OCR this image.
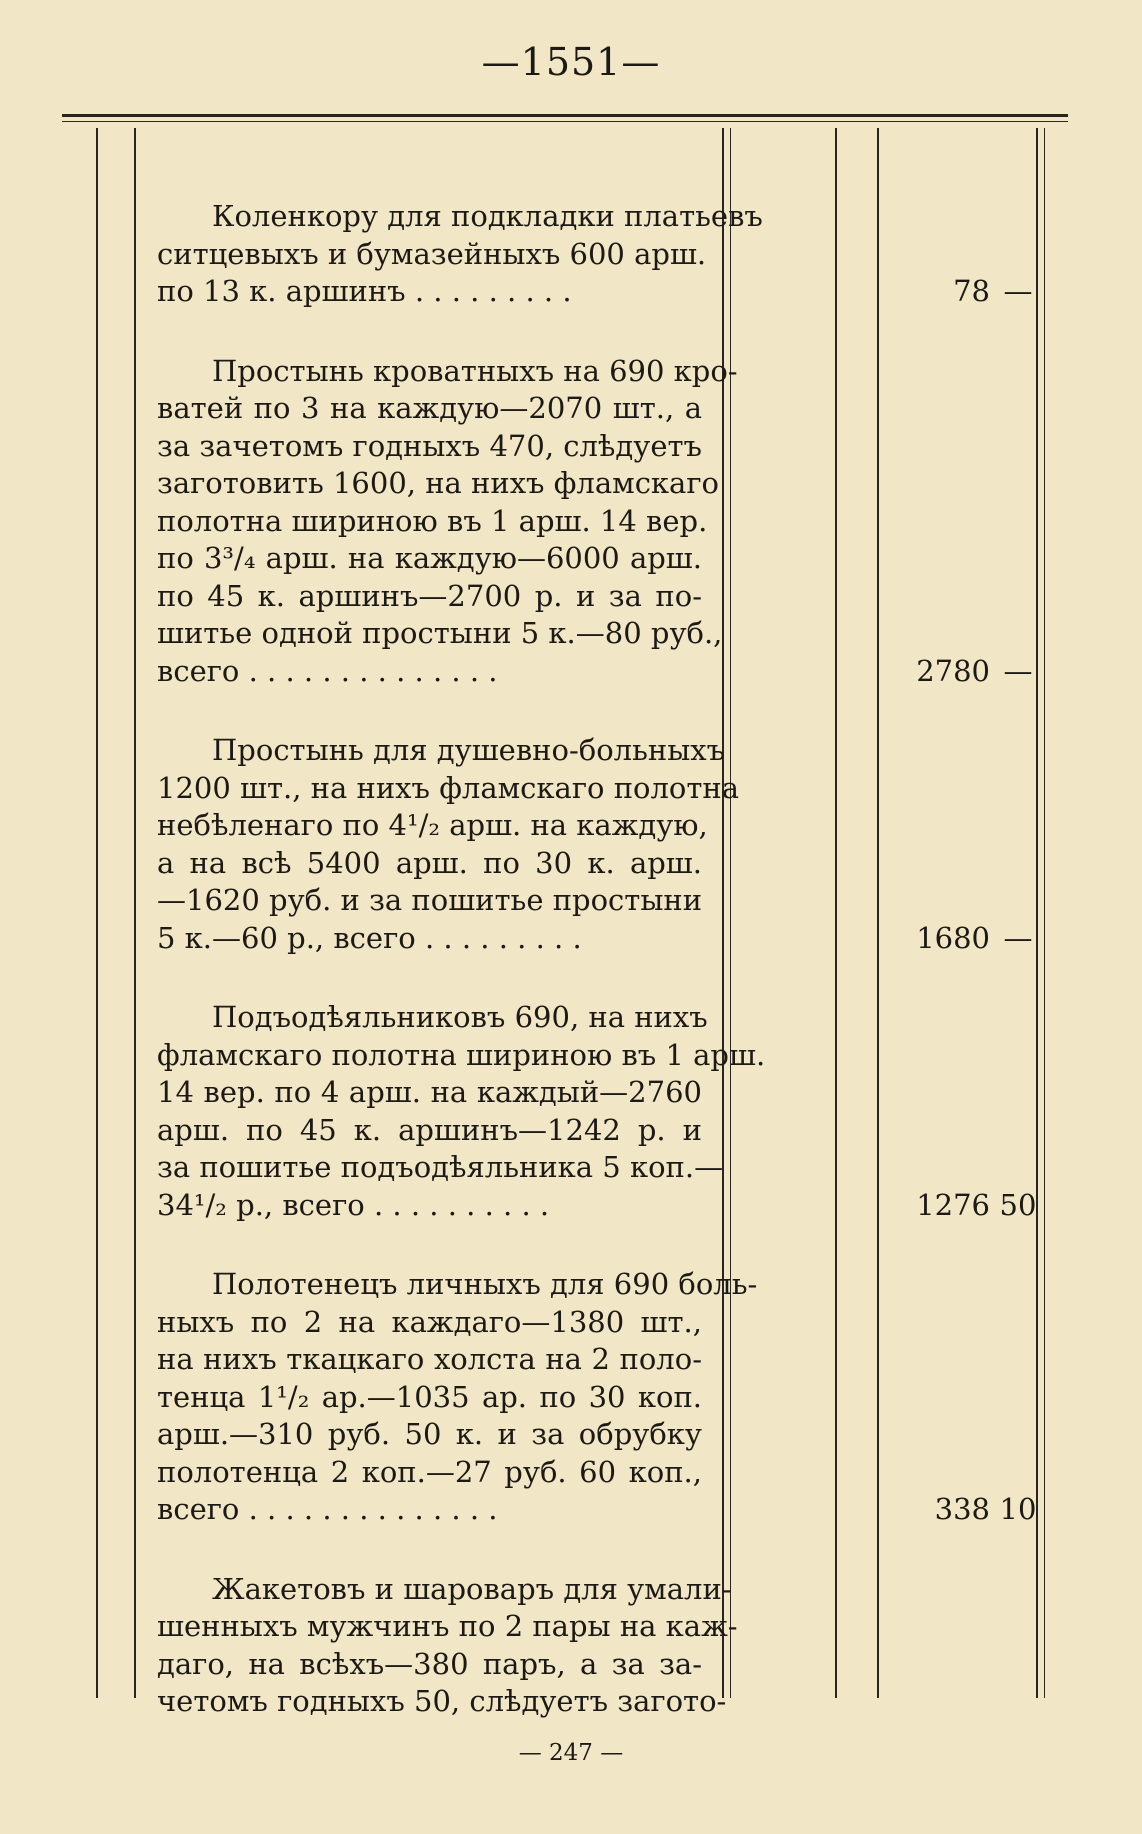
—1551—
Коленкору для подкладки платьевъ
ситцевыхъ и бумазейныхъ 600 арш.
по 13 к. аршинъ . . . . . . . . .	78 —
Простынь кроватныхъ на 690 кро-
ватей по 3 на каждую—2070 шт., а
за зачетомъ годныхъ 470, слѣдуетъ
заготовить 1600, на нихъ фламскаго
полотна шириною въ 1 арш. 14 вер.
по 3³/₄ арш. на каждую—6000 арш.
по 45 к. аршинъ—2700 р. и за по-
шитье одной простыни 5 к.—80 руб.,
всего . . . . . . . . . . . . . .	2780 —
Простынь для душевно-больныхъ
1200 шт., на нихъ фламскаго полотна
небѣленаго по 4¹/₂ арш. на каждую,
а на всѣ 5400 арш. по 30 к. арш.
—1620 руб. и за пошитье простыни
5 к.—60 р., всего . . . . . . . . .	1680 —
Подъодѣяльниковъ 690, на нихъ
фламскаго полотна шириною въ 1 арш.
14 вер. по 4 арш. на каждый—2760
арш. по 45 к. аршинъ—1242 р. и
за пошитье подъодѣяльника 5 коп.—
34¹/₂ р., всего . . . . . . . . . .	1276 50
Полотенецъ личныхъ для 690 боль-
ныхъ по 2 на каждаго—1380 шт.,
на нихъ ткацкаго холста на 2 поло-
тенца 1¹/₂ ар.—1035 ар. по 30 коп.
арш.—310 руб. 50 к. и за обрубку
полотенца 2 коп.—27 руб. 60 коп.,
всего . . . . . . . . . . . . . .	338 10
Жакетовъ и шароваръ для умали-
шенныхъ мужчинъ по 2 пары на каж-
даго, на всѣхъ—380 паръ, а за за-
четомъ годныхъ 50, слѣдуетъ загото-
— 247 —
